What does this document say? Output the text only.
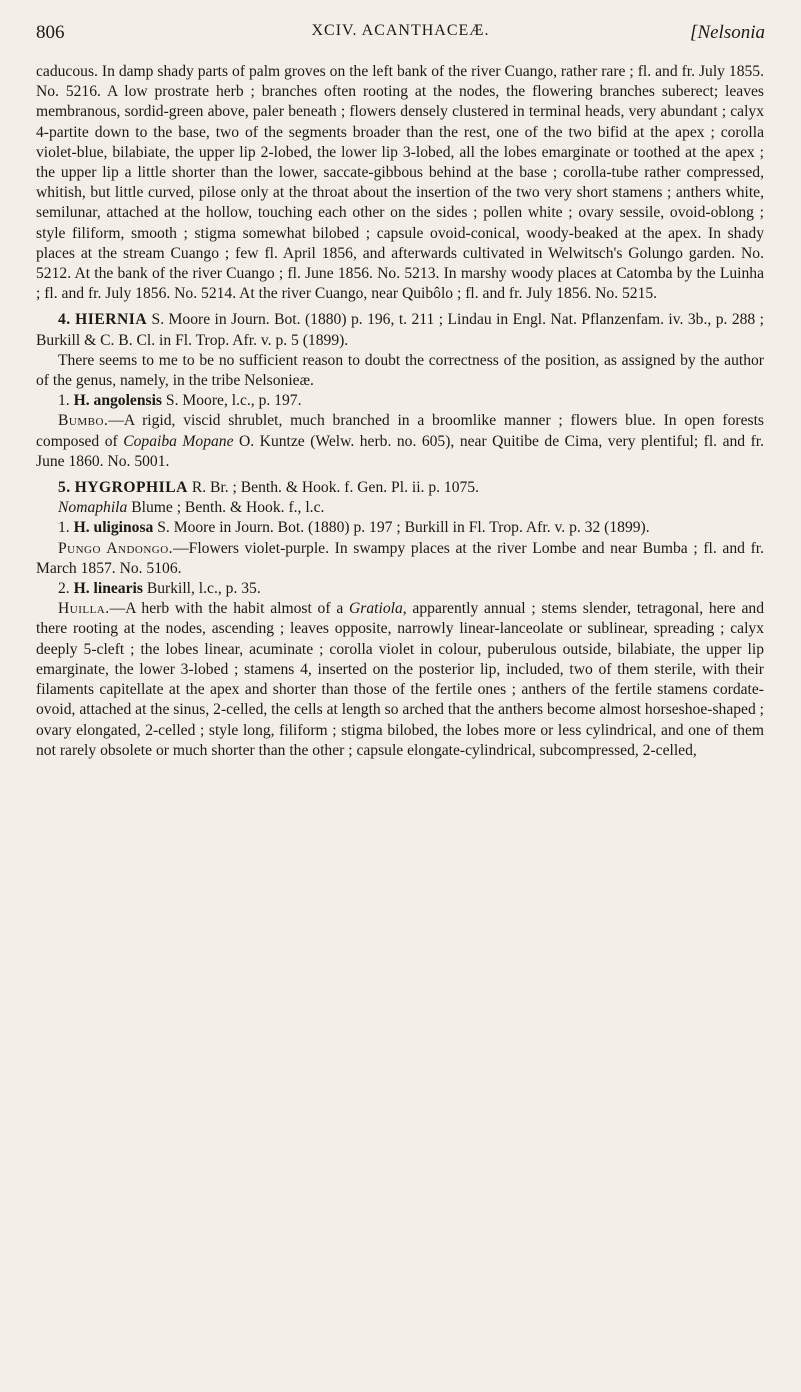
806	XCIV. ACANTHACEÆ.	[Nelsonia

caducous. In damp shady parts of palm groves on the left bank of the river Cuango, rather rare ; fl. and fr. July 1855. No. 5216. A low prostrate herb ; branches often rooting at the nodes, the flowering branches suberect; leaves membranous, sordid-green above, paler beneath ; flowers densely clustered in terminal heads, very abundant ; calyx 4-partite down to the base, two of the segments broader than the rest, one of the two bifid at the apex ; corolla violet-blue, bilabiate, the upper lip 2-lobed, the lower lip 3-lobed, all the lobes emarginate or toothed at the apex ; the upper lip a little shorter than the lower, saccate-gibbous behind at the base ; corolla-tube rather compressed, whitish, but little curved, pilose only at the throat about the insertion of the two very short stamens ; anthers white, semilunar, attached at the hollow, touching each other on the sides ; pollen white ; ovary sessile, ovoid-oblong ; style filiform, smooth ; stigma somewhat bilobed ; capsule ovoid-conical, woody-beaked at the apex. In shady places at the stream Cuango ; few fl. April 1856, and afterwards cultivated in Welwitsch's Golungo garden. No. 5212. At the bank of the river Cuango ; fl. June 1856. No. 5213. In marshy woody places at Catomba by the Luinha ; fl. and fr. July 1856. No. 5214. At the river Cuango, near Quibôlo ; fl. and fr. July 1856. No. 5215.

4. HIERNIA S. Moore in Journ. Bot. (1880) p. 196, t. 211 ; Lindau in Engl. Nat. Pflanzenfam. iv. 3b., p. 288 ; Burkill & C. B. Cl. in Fl. Trop. Afr. v. p. 5 (1899).

There seems to me to be no sufficient reason to doubt the correctness of the position, as assigned by the author of the genus, namely, in the tribe Nelsonieæ.

1. H. angolensis S. Moore, l.c., p. 197.

Bumbo.—A rigid, viscid shrublet, much branched in a broomlike manner ; flowers blue. In open forests composed of Copaiba Mopane O. Kuntze (Welw. herb. no. 605), near Quitibe de Cima, very plentiful; fl. and fr. June 1860. No. 5001.

5. HYGROPHILA R. Br. ; Benth. & Hook. f. Gen. Pl. ii. p. 1075.

Nomaphila Blume ; Benth. & Hook. f., l.c.

1. H. uliginosa S. Moore in Journ. Bot. (1880) p. 197 ; Burkill in Fl. Trop. Afr. v. p. 32 (1899).

Pungo Andongo.—Flowers violet-purple. In swampy places at the river Lombe and near Bumba ; fl. and fr. March 1857. No. 5106.

2. H. linearis Burkill, l.c., p. 35.

Huilla.—A herb with the habit almost of a Gratiola, apparently annual ; stems slender, tetragonal, here and there rooting at the nodes, ascending ; leaves opposite, narrowly linear-lanceolate or sublinear, spreading ; calyx deeply 5-cleft ; the lobes linear, acuminate ; corolla violet in colour, puberulous outside, bilabiate, the upper lip emarginate, the lower 3-lobed ; stamens 4, inserted on the posterior lip, included, two of them sterile, with their filaments capitellate at the apex and shorter than those of the fertile ones ; anthers of the fertile stamens cordate-ovoid, attached at the sinus, 2-celled, the cells at length so arched that the anthers become almost horseshoe-shaped ; ovary elongated, 2-celled ; style long, filiform ; stigma bilobed, the lobes more or less cylindrical, and one of them not rarely obsolete or much shorter than the other ; capsule elongate-cylindrical, subcompressed, 2-celled,
